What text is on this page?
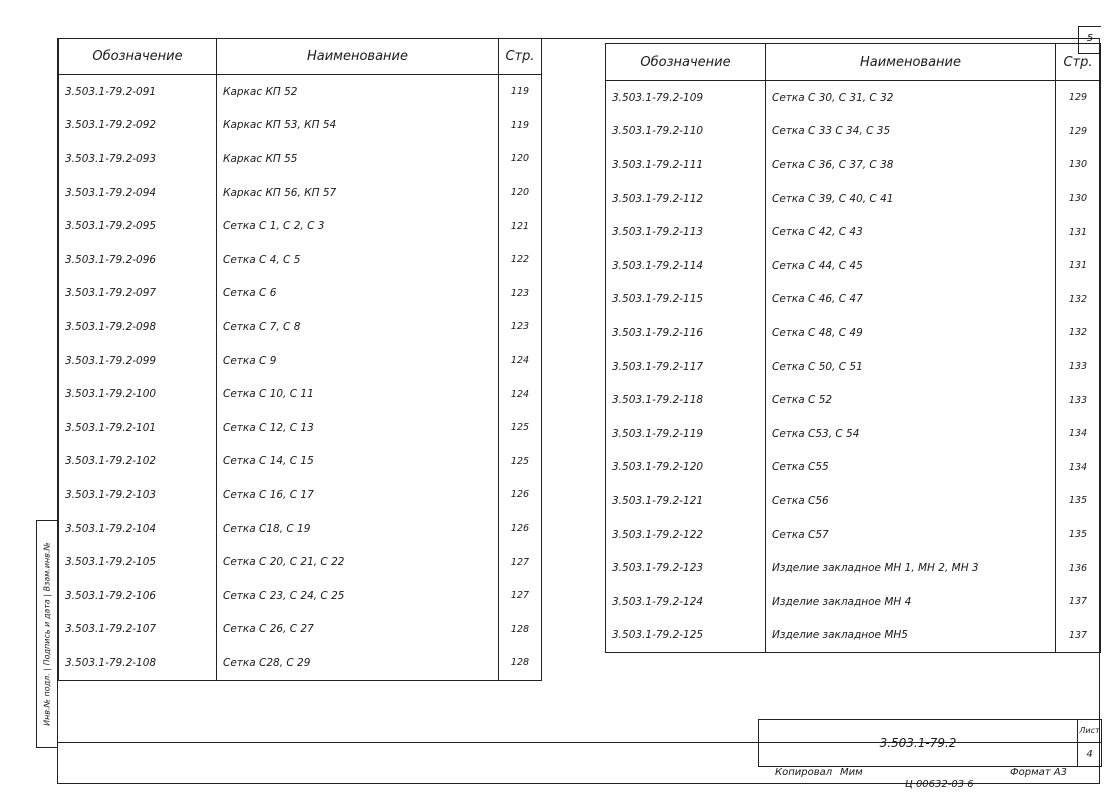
5
Обозначение	Наименование	Стр.
3.503.1-79.2-091	Каркас КП 52	119
3.503.1-79.2-092	Каркас КП 53, КП 54	119
3.503.1-79.2-093	Каркас КП 55	120
3.503.1-79.2-094	Каркас КП 56, КП 57	120
3.503.1-79.2-095	Сетка С 1, С 2, С 3	121
3.503.1-79.2-096	Сетка С 4, С 5	122
3.503.1-79.2-097	Сетка С 6	123
3.503.1-79.2-098	Сетка С 7, С 8	123
3.503.1-79.2-099	Сетка С 9	124
3.503.1-79.2-100	Сетка С 10, С 11	124
3.503.1-79.2-101	Сетка С 12, С 13	125
3.503.1-79.2-102	Сетка С 14, С 15	125
3.503.1-79.2-103	Сетка С 16, С 17	126
3.503.1-79.2-104	Сетка С18, С 19	126
3.503.1-79.2-105	Сетка С 20, С 21, С 22	127
3.503.1-79.2-106	Сетка С 23, С 24, С 25	127
3.503.1-79.2-107	Сетка С 26, С 27	128
3.503.1-79.2-108	Сетка С28, С 29	128
Обозначение	Наименование	Стр.
3.503.1-79.2-109	Сетка С 30, С 31, С 32	129
3.503.1-79.2-110	Сетка С 33 С 34, С 35	129
3.503.1-79.2-111	Сетка С 36, С 37, С 38	130
3.503.1-79.2-112	Сетка С 39, С 40, С 41	130
3.503.1-79.2-113	Сетка С 42, С 43	131
3.503.1-79.2-114	Сетка С 44, С 45	131
3.503.1-79.2-115	Сетка С 46, С 47	132
3.503.1-79.2-116	Сетка С 48, С 49	132
3.503.1-79.2-117	Сетка С 50, С 51	133
3.503.1-79.2-118	Сетка С 52	133
3.503.1-79.2-119	Сетка С53, С 54	134
3.503.1-79.2-120	Сетка С55	134
3.503.1-79.2-121	Сетка С56	135
3.503.1-79.2-122	Сетка С57	135
3.503.1-79.2-123	Изделие закладное МН 1, МН 2, МН 3	136
3.503.1-79.2-124	Изделие закладное МН 4	137
3.503.1-79.2-125	Изделие закладное МН5	137
Инв.№ подл. | Подпись и дата | Взам.инв.№
3.503.1-79.2
Лист
4
Копировал Мим	Формат А3
Ц 00632-03 6
